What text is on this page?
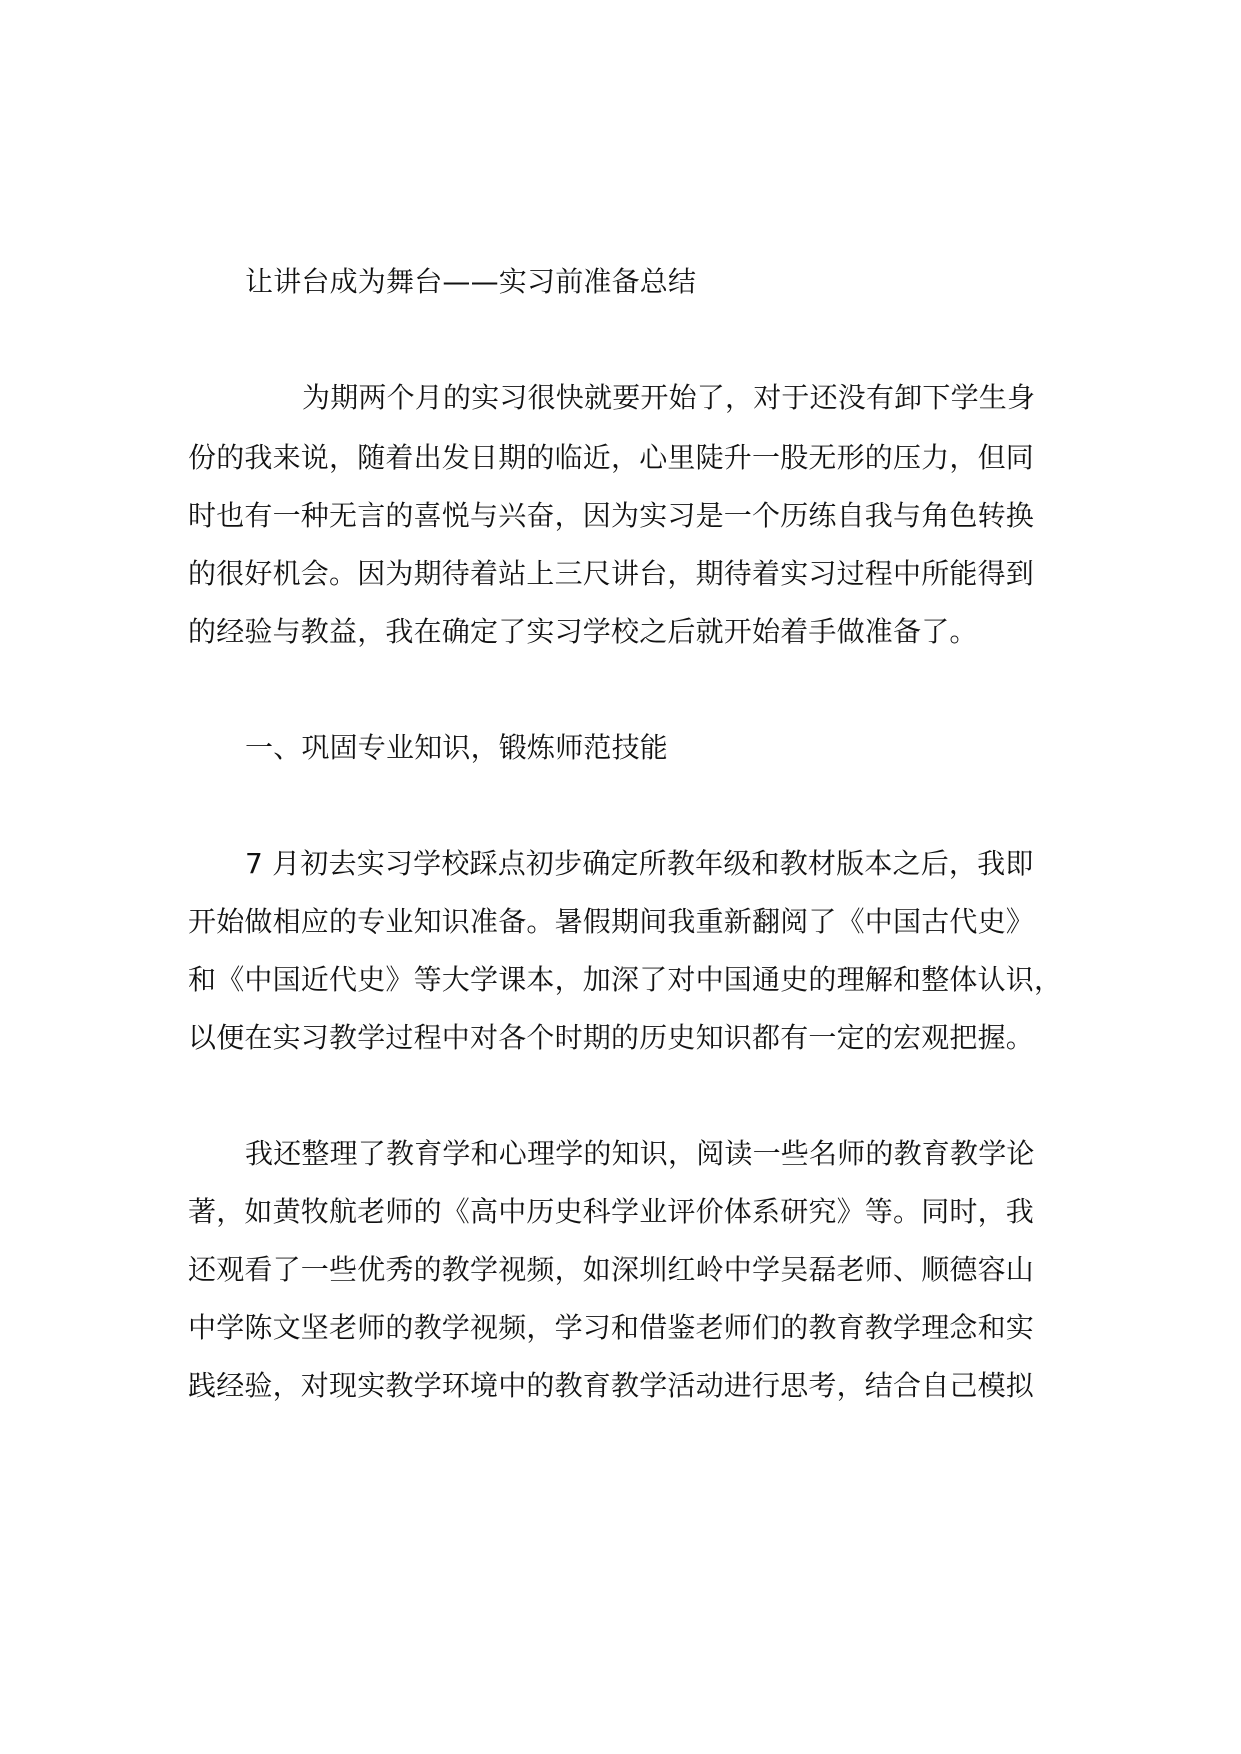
让讲台成为舞台——实习前准备总结
为期两个月的实习很快就要开始了，对于还没有卸下学生身
份的我来说，随着出发日期的临近，心里陡升一股无形的压力，但同
时也有一种无言的喜悦与兴奋，因为实习是一个历练自我与角色转换
的很好机会。因为期待着站上三尺讲台，期待着实习过程中所能得到
的经验与教益，我在确定了实习学校之后就开始着手做准备了。
一、巩固专业知识，锻炼师范技能
7 月初去实习学校踩点初步确定所教年级和教材版本之后，我即
开始做相应的专业知识准备。暑假期间我重新翻阅了《中国古代史》
和《中国近代史》等大学课本，加深了对中国通史的理解和整体认识，
以便在实习教学过程中对各个时期的历史知识都有一定的宏观把握。
我还整理了教育学和心理学的知识，阅读一些名师的教育教学论
著，如黄牧航老师的《高中历史科学业评价体系研究》等。同时，我
还观看了一些优秀的教学视频，如深圳红岭中学吴磊老师、顺德容山
中学陈文坚老师的教学视频，学习和借鉴老师们的教育教学理念和实
践经验，对现实教学环境中的教育教学活动进行思考，结合自己模拟
